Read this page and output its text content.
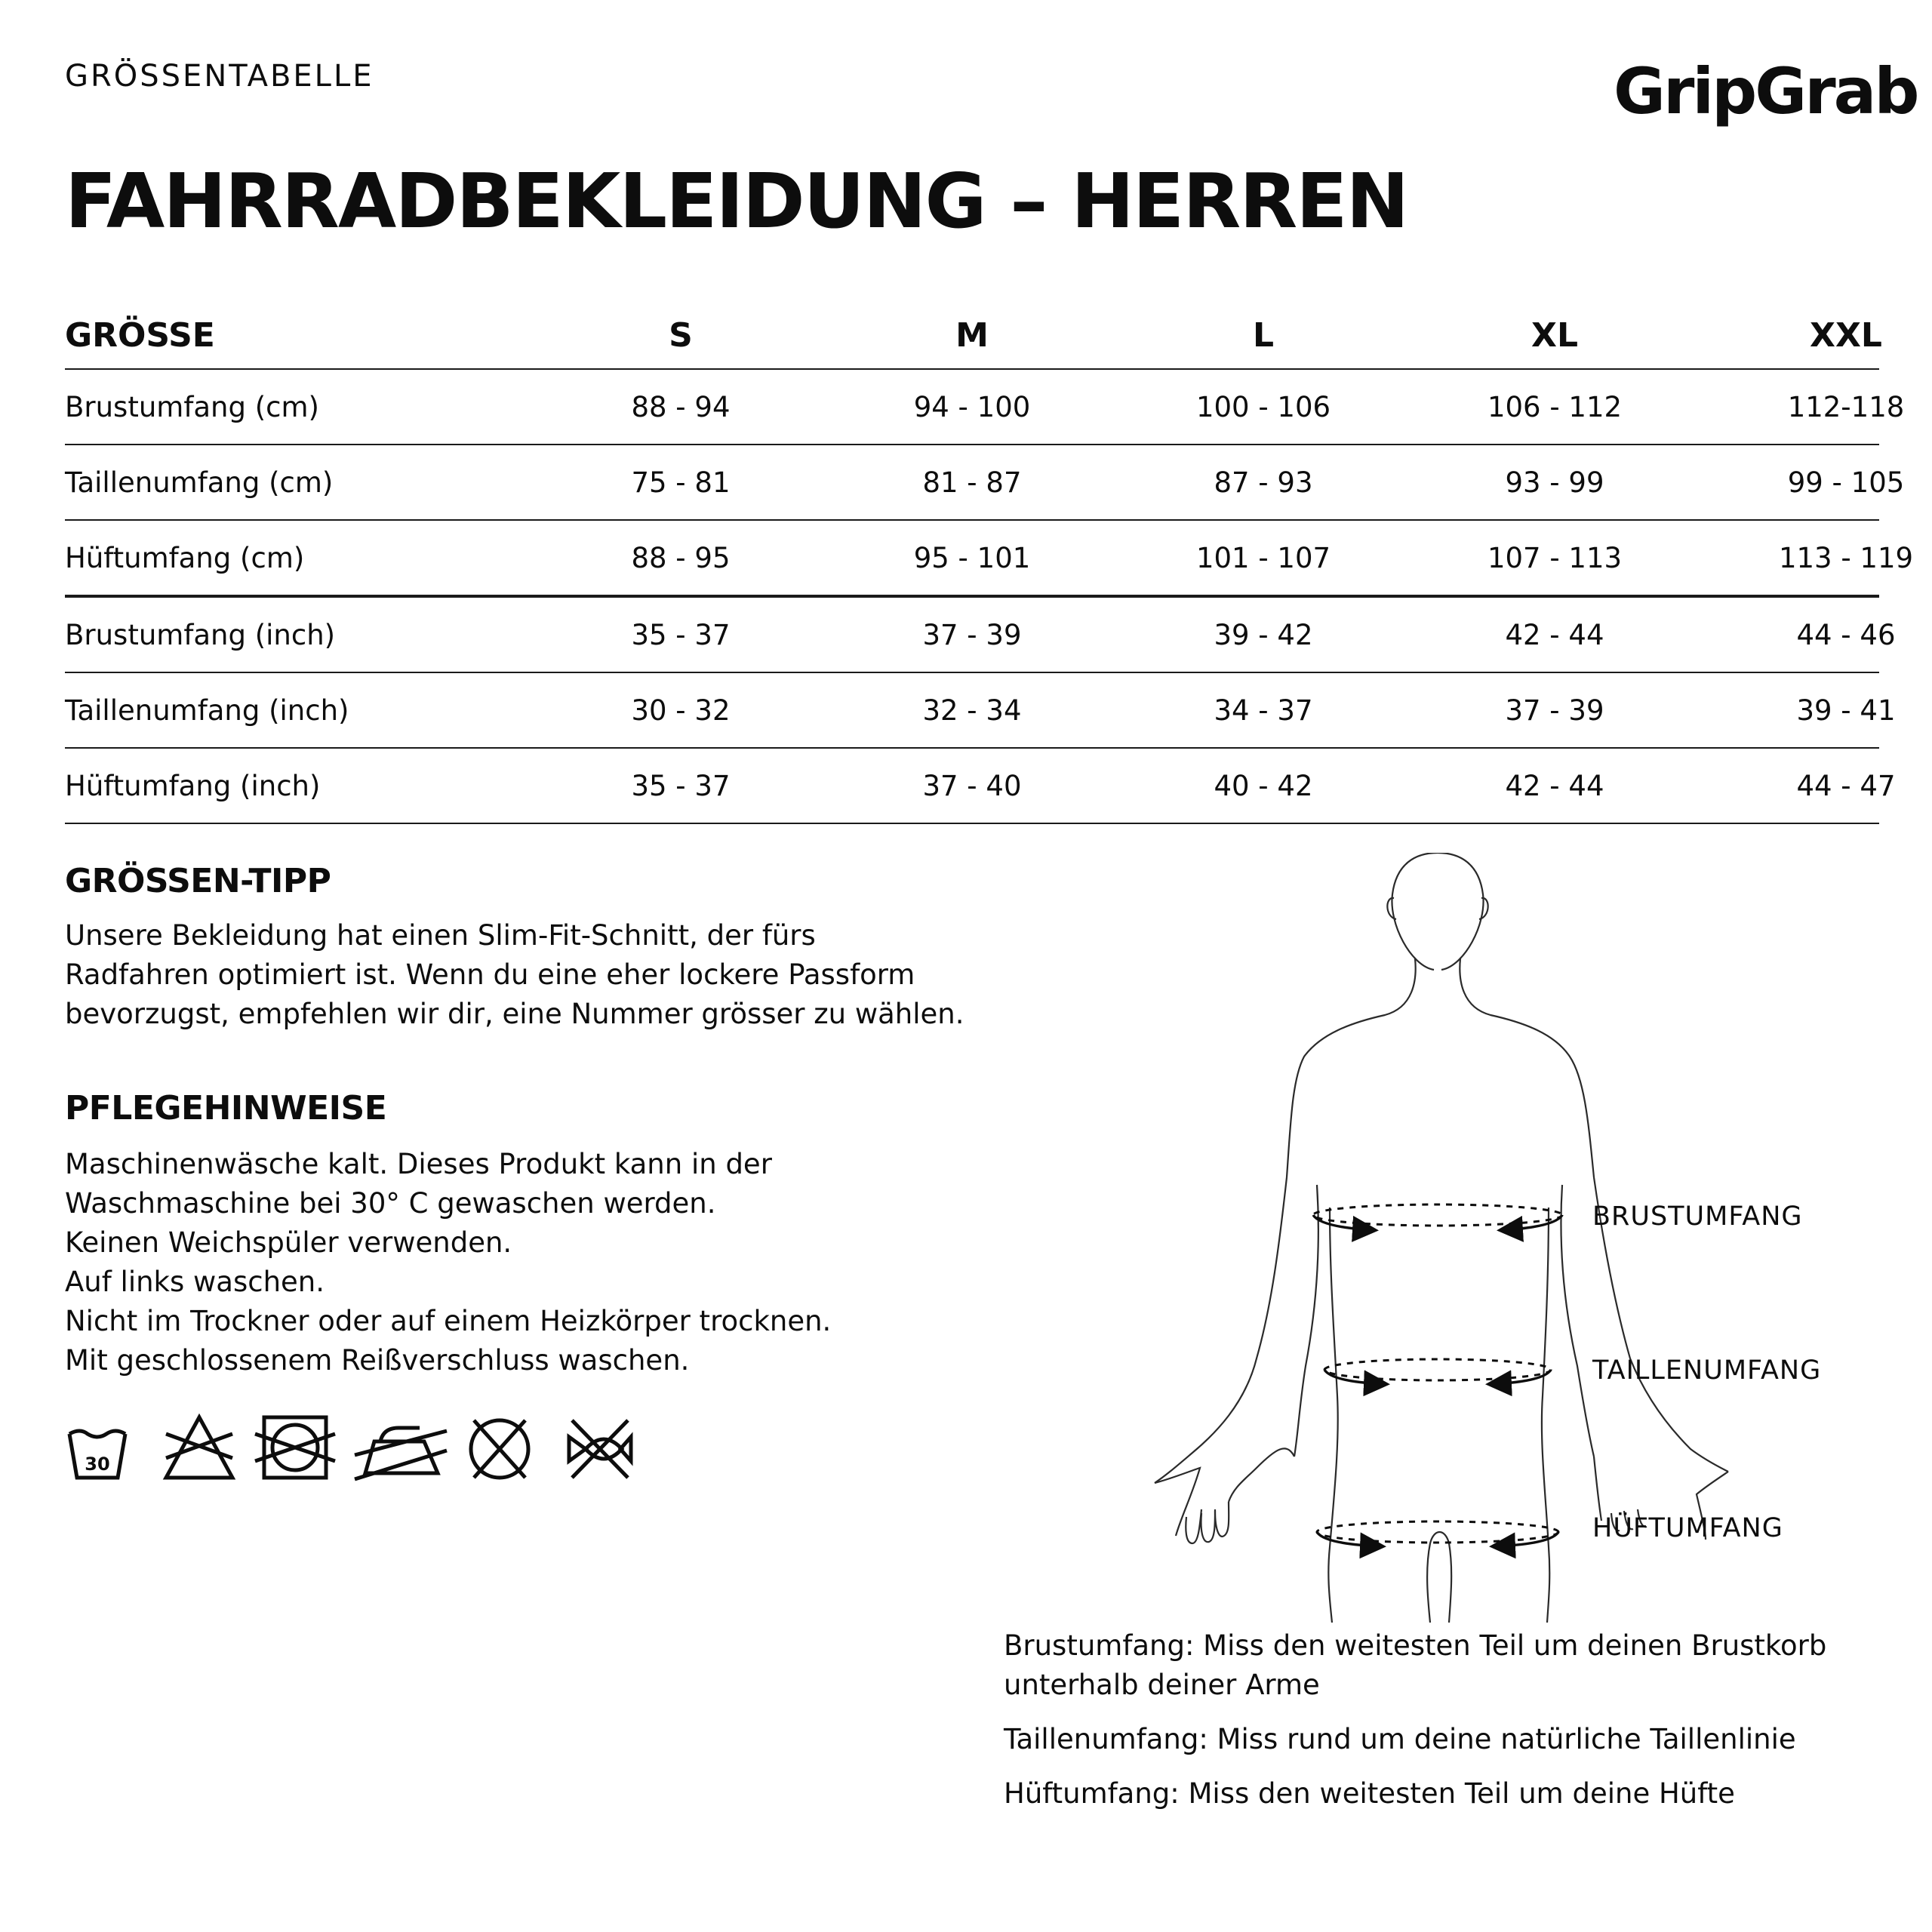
GRÖSSENTABELLE	GripGrab
FAHRRADBEKLEIDUNG – HERREN
GRÖSSE	S	M	L	XL	XXL
Brustumfang (cm)	88 - 94	94 - 100	100 - 106	106 - 112	112-118
Taillenumfang (cm)	75 - 81	81 - 87	87 - 93	93 - 99	99 - 105
Hüftumfang (cm)	88 - 95	95 - 101	101 - 107	107 - 113	113 - 119
Brustumfang (inch)	35 - 37	37 - 39	39 - 42	42 - 44	44 - 46
Taillenumfang (inch)	30 - 32	32 - 34	34 - 37	37 - 39	39 - 41
Hüftumfang (inch)	35 - 37	37 - 40	40 - 42	42 - 44	44 - 47
GRÖSSEN-TIPP
Unsere Bekleidung hat einen Slim-Fit-Schnitt, der fürs
Radfahren optimiert ist. Wenn du eine eher lockere Passform
bevorzugst, empfehlen wir dir, eine Nummer grösser zu wählen.
PFLEGEHINWEISE
Maschinenwäsche kalt. Dieses Produkt kann in der
Waschmaschine bei 30° C gewaschen werden.
Keinen Weichspüler verwenden.
Auf links waschen.
Nicht im Trockner oder auf einem Heizkörper trocknen.
Mit geschlossenem Reißverschluss waschen.
30
BRUSTUMFANG
TAILLENUMFANG
HÜFTUMFANG
Brustumfang: Miss den weitesten Teil um deinen Brustkorb
unterhalb deiner Arme
Taillenumfang: Miss rund um deine natürliche Taillenlinie
Hüftumfang: Miss den weitesten Teil um deine Hüfte
